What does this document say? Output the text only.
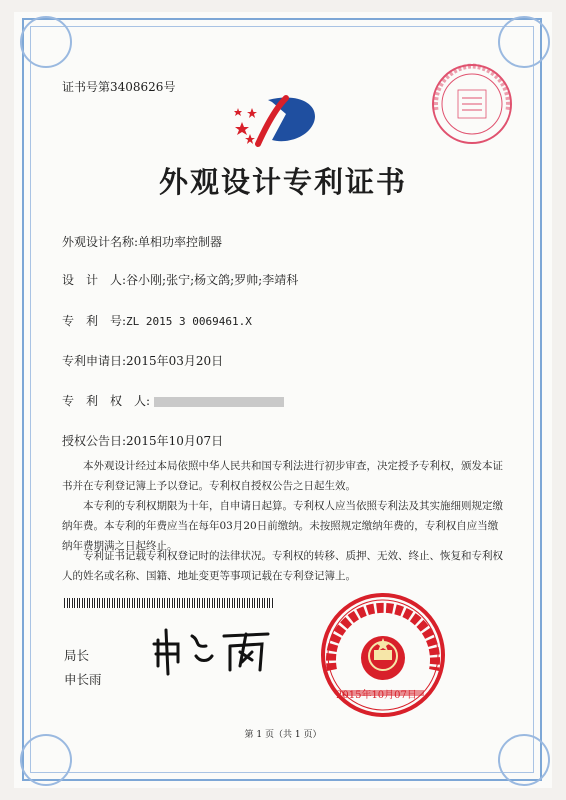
证书号第3408626号
外观设计专利证书
外观设计名称:单相功率控制器
设　计　人:谷小刚;张宁;杨文鸽;罗帅;李靖科
专　利　号:ZL 2015 3 0069461.X
专利申请日:2015年03月20日
专　利　权　人:
授权公告日:2015年10月07日
本外观设计经过本局依照中华人民共和国专利法进行初步审查，决定授予专利权，颁发本证书并在专利登记簿上予以登记。专利权自授权公告之日起生效。
本专利的专利权期限为十年，自申请日起算。专利权人应当依照专利法及其实施细则规定缴纳年费。本专利的年费应当在每年03月20日前缴纳。未按照规定缴纳年费的，专利权自应当缴纳年费期满之日起终止。
专利证书记载专利权登记时的法律状况。专利权的转移、质押、无效、终止、恢复和专利权人的姓名或名称、国籍、地址变更等事项记载在专利登记簿上。
局长
申长雨
2015年10月07日
第 1 页（共 1 页）
